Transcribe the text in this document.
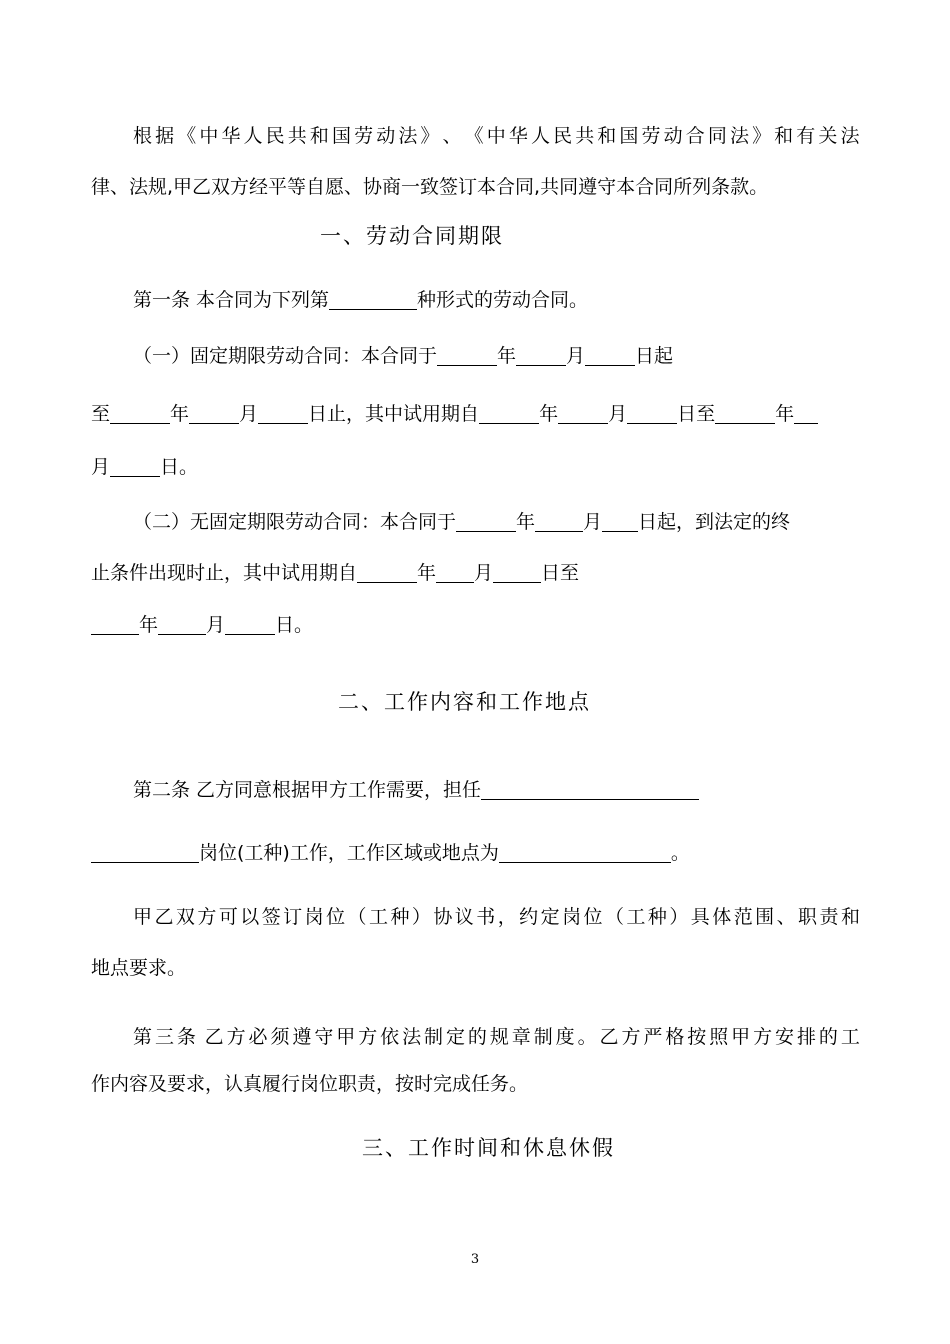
根 据 《 中 华 人 民 共 和 国 劳 动 法 》 、 《 中 华 人 民 共 和 国 劳 动 合 同 法 》 和 有 关 法
律、法规,甲乙双方经平等自愿、协商一致签订本合同,共同遵守本合同所列条款。
一、劳动合同期限
第一条 本合同为下列第	种形式的劳动合同。
（一）固定期限劳动合同：本合同于	年	月	日起
至	年	月	日止，其中试用期自	年	月	日至	年
月	日。
（二）无固定期限劳动合同：本合同于	年	月 日起，到法定的终
止条件出现时止，其中试用期自	年 月	日至
年	月	日。
二、工作内容和工作地点
第二条 乙方同意根据甲方工作需要，担任
岗位(工种)工作，工作区域或地点为	。
甲 乙 双 方 可 以 签 订 岗 位 （ 工 种 ） 协 议 书 ， 约 定 岗 位 （ 工 种 ） 具 体 范 围 、 职 责 和
地点要求。
第 三 条 乙 方 必 须 遵 守 甲 方 依 法 制 定 的 规 章 制 度 。 乙 方 严 格 按 照 甲 方 安 排 的 工
作内容及要求，认真履行岗位职责，按时完成任务。
三、工作时间和休息休假
3
